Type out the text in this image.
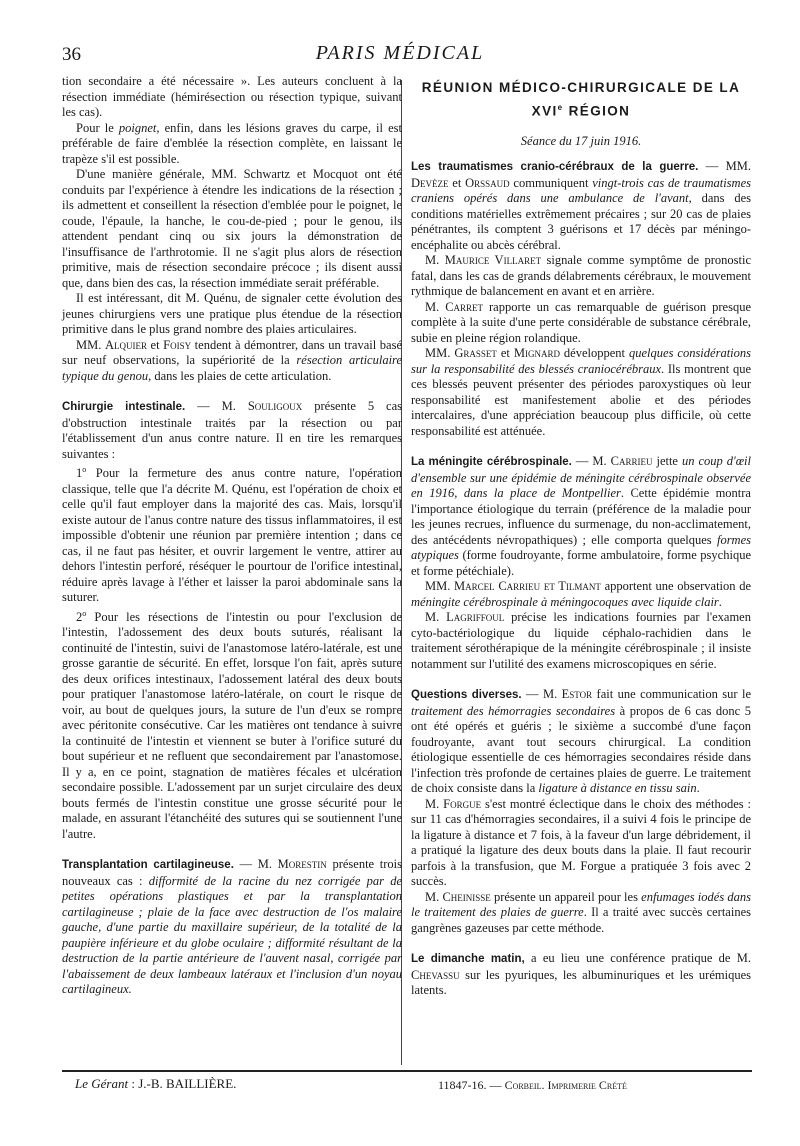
36	PARIS MÉDICAL

tion secondaire a été nécessaire ». Les auteurs concluent à la résection immédiate (hémirésection ou résection typique, suivant les cas).

Pour le poignet, enfin, dans les lésions graves du carpe, il est préférable de faire d'emblée la résection complète, en laissant le trapèze s'il est possible.

D'une manière générale, MM. Schwartz et Mocquot ont été conduits par l'expérience à étendre les indications de la résection ; ils admettent et conseillent la résection d'emblée pour le poignet, le coude, l'épaule, la hanche, le cou-de-pied ; pour le genou, ils attendent pendant cinq ou six jours la démonstration de l'insuffisance de l'arthrotomie. Il ne s'agit plus alors de résection primitive, mais de résection secondaire précoce ; ils disent aussi que, dans bien des cas, la résection immédiate serait préférable.

Il est intéressant, dit M. Quénu, de signaler cette évolution des jeunes chirurgiens vers une pratique plus étendue de la résection primitive dans le plus grand nombre des plaies articulaires.

MM. Alquier et Foisy tendent à démontrer, dans un travail basé sur neuf observations, la supériorité de la résection articulaire typique du genou, dans les plaies de cette articulation.

Chirurgie intestinale. — M. Souligoux présente 5 cas d'obstruction intestinale traités par la résection ou par l'établissement d'un anus contre nature. Il en tire les remarques suivantes :

1$^o$ Pour la fermeture des anus contre nature, l'opération classique, telle que l'a décrite M. Quénu, est l'opération de choix et celle qu'il faut employer dans la majorité des cas. Mais, lorsqu'il existe autour de l'anus contre nature des tissus inflammatoires, il est impossible d'obtenir une réunion par première intention ; dans ce cas, il ne faut pas hésiter, et ouvrir largement le ventre, attirer au dehors l'intestin perforé, réséquer le pourtour de l'orifice intestinal, réduire après lavage à l'éther et laisser la paroi abdominale sans la suturer.

2$^o$ Pour les résections de l'intestin ou pour l'exclusion de l'intestin, l'adossement des deux bouts suturés, réalisant la continuité de l'intestin, suivi de l'anastomose latéro-latérale, est une grosse garantie de sécurité. En effet, lorsque l'on fait, après suture des deux orifices intestinaux, l'adossement latéral des deux bouts pour pratiquer l'anastomose latéro-latérale, on court le risque de voir, au bout de quelques jours, la suture de l'un d'eux se rompre avec péritonite consécutive. Car les matières ont tendance à suivre la continuité de l'intestin et viennent se buter à l'orifice suturé du bout supérieur et ne refluent que secondairement par l'anastomose. Il y a, en ce point, stagnation de matières fécales et ulcération secondaire possible. L'adossement par un surjet circulaire des deux bouts fermés de l'intestin constitue une grosse sécurité pour le malade, en assurant l'étanchéité des sutures qui se soutiennent l'une l'autre.

Transplantation cartilagineuse. — M. Morestin présente trois nouveaux cas : difformité de la racine du nez corrigée par de petites opérations plastiques et par la transplantation cartilagineuse ; plaie de la face avec destruction de l'os malaire gauche, d'une partie du maxillaire supérieur, de la totalité de la paupière inférieure et du globe oculaire ; difformité résultant de la destruction de la partie antérieure de l'auvent nasal, corrigée par l'abaissement de deux lambeaux latéraux et l'inclusion d'un noyau cartilagineux.

RÉUNION MÉDICO-CHIRURGICALE DE LA
XVIe RÉGION
Séance du 17 juin 1916.

Les traumatismes cranio-cérébraux de la guerre. — MM. Devèze et Orssaud communiquent vingt-trois cas de traumatismes craniens opérés dans une ambulance de l'avant, dans des conditions matérielles extrêmement précaires ; sur 20 cas de plaies pénétrantes, ils comptent 3 guérisons et 17 décès par méningo-encéphalite ou abcès cérébral.

M. Maurice Villaret signale comme symptôme de pronostic fatal, dans les cas de grands délabrements cérébraux, le mouvement rythmique de balancement en avant et en arrière.

M. Carret rapporte un cas remarquable de guérison presque complète à la suite d'une perte considérable de substance cérébrale, subie en pleine région rolandique.

MM. Grasset et Mignard développent quelques considérations sur la responsabilité des blessés craniocérébraux. Ils montrent que ces blessés peuvent présenter des périodes paroxystiques où leur responsabilité est manifestement abolie et des périodes intercalaires, d'une appréciation beaucoup plus difficile, où cette responsabilité est atténuée.

La méningite cérébrospinale. — M. Carrieu jette un coup d'œil d'ensemble sur une épidémie de méningite cérébrospinale observée en 1916, dans la place de Montpellier. Cette épidémie montra l'importance étiologique du terrain (préférence de la maladie pour les jeunes recrues, influence du surmenage, du non-acclimatement, des antécédents névropathiques) ; elle comporta quelques formes atypiques (forme foudroyante, forme ambulatoire, forme psychique et forme pétéchiale).

MM. Marcel Carrieu et Tilmant apportent une observation de méningite cérébrospinale à méningocoques avec liquide clair.

M. Lagriffoul précise les indications fournies par l'examen cyto-bactériologique du liquide céphalo-rachidien dans le traitement sérothérapique de la méningite cérébrospinale ; il insiste notamment sur l'utilité des examens microscopiques en série.

Questions diverses. — M. Estor fait une communication sur le traitement des hémorragies secondaires à propos de 6 cas donc 5 ont été opérés et guéris ; le sixième a succombé d'une façon foudroyante, avant tout secours chirurgical. La condition étiologique essentielle de ces hémorragies secondaires réside dans l'infection très profonde de certaines plaies de guerre. Le traitement de choix consiste dans la ligature à distance en tissu sain.

M. Forgue s'est montré éclectique dans le choix des méthodes : sur 11 cas d'hémorragies secondaires, il a suivi 4 fois le principe de la ligature à distance et 7 fois, à la faveur d'un large débridement, il a pratiqué la ligature des deux bouts dans la plaie. Il faut recourir parfois à la transfusion, que M. Forgue a pratiquée 3 fois avec 2 succès.

M. Cheinisse présente un appareil pour les enfumages iodés dans le traitement des plaies de guerre. Il a traité avec succès certaines gangrènes gazeuses par cette méthode.

Le dimanche matin, a eu lieu une conférence pratique de M. Chevassu sur les pyuriques, les albuminuriques et les urémiques latents.

Le Gérant : J.-B. BAILLIÈRE.	11847-16. — Corbeil. Imprimerie Crété
